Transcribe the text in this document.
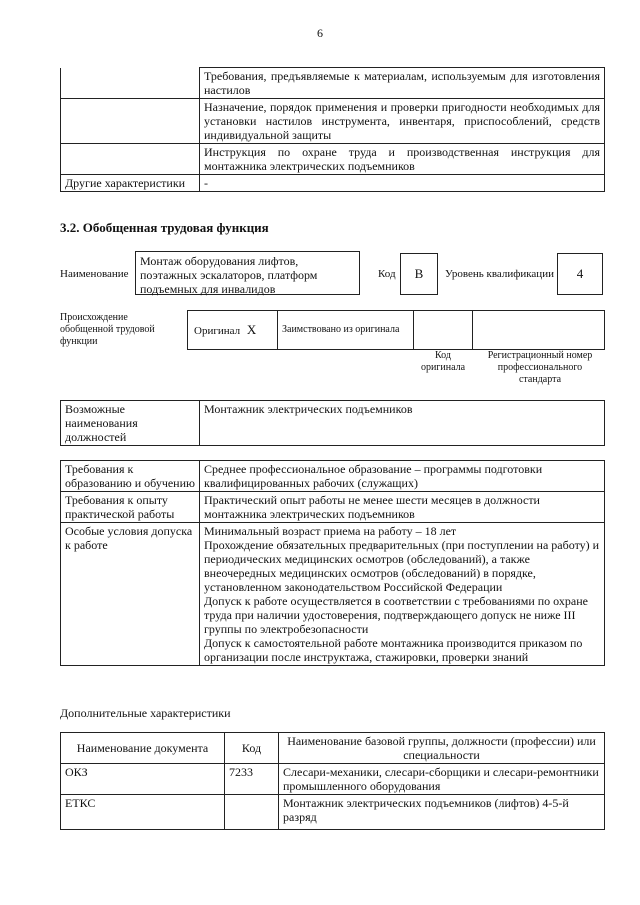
6
	Требования, предъявляемые к материалам, используемым для изготовления настилов
	Назначение, порядок применения и проверки пригодности необходимых для установки настилов инструмента, инвентаря, приспособлений, средств индивидуальной защиты
	Инструкция по охране труда и производственная инструкция для монтажника электрических подъемников
Другие характеристики	-
3.2. Обобщенная трудовая функция
Наименование
Монтаж оборудования лифтов, поэтажных эскалаторов, платформ подъемных для инвалидов
Код	B	Уровень квалификации	4
Происхождение обобщенной трудовой функции
Оригинал X	Заимствовано из оригинала
Код оригинала
Регистрационный номер профессионального стандарта
Возможные наименования должностей	Монтажник электрических подъемников
Требования к образованию и обучению	Среднее профессиональное образование – программы подготовки квалифицированных рабочих (служащих)

Требования к опыту практической работы	Практический опыт работы не менее шести месяцев в должности монтажника электрических подъемников

Особые условия допуска к работе	Минимальный возраст приема на работу – 18 лет
Прохождение обязательных предварительных (при поступлении на работу) и периодических медицинских осмотров (обследований), а также внеочередных медицинских осмотров (обследований) в порядке, установленном законодательством Российской Федерации
Допуск к работе осуществляется в соответствии с требованиями по охране труда при наличии удостоверения, подтверждающего допуск не ниже III группы по электробезопасности
Допуск к самостоятельной работе монтажника производится приказом по организации после инструктажа, стажировки, проверки знаний
Дополнительные характеристики
Наименование документа	Код	Наименование базовой группы, должности (профессии) или специальности
ОКЗ	7233	Слесари-механики, слесари-сборщики и слесари-ремонтники промышленного оборудования
ЕТКС		Монтажник электрических подъемников (лифтов) 4-5-й разряд
